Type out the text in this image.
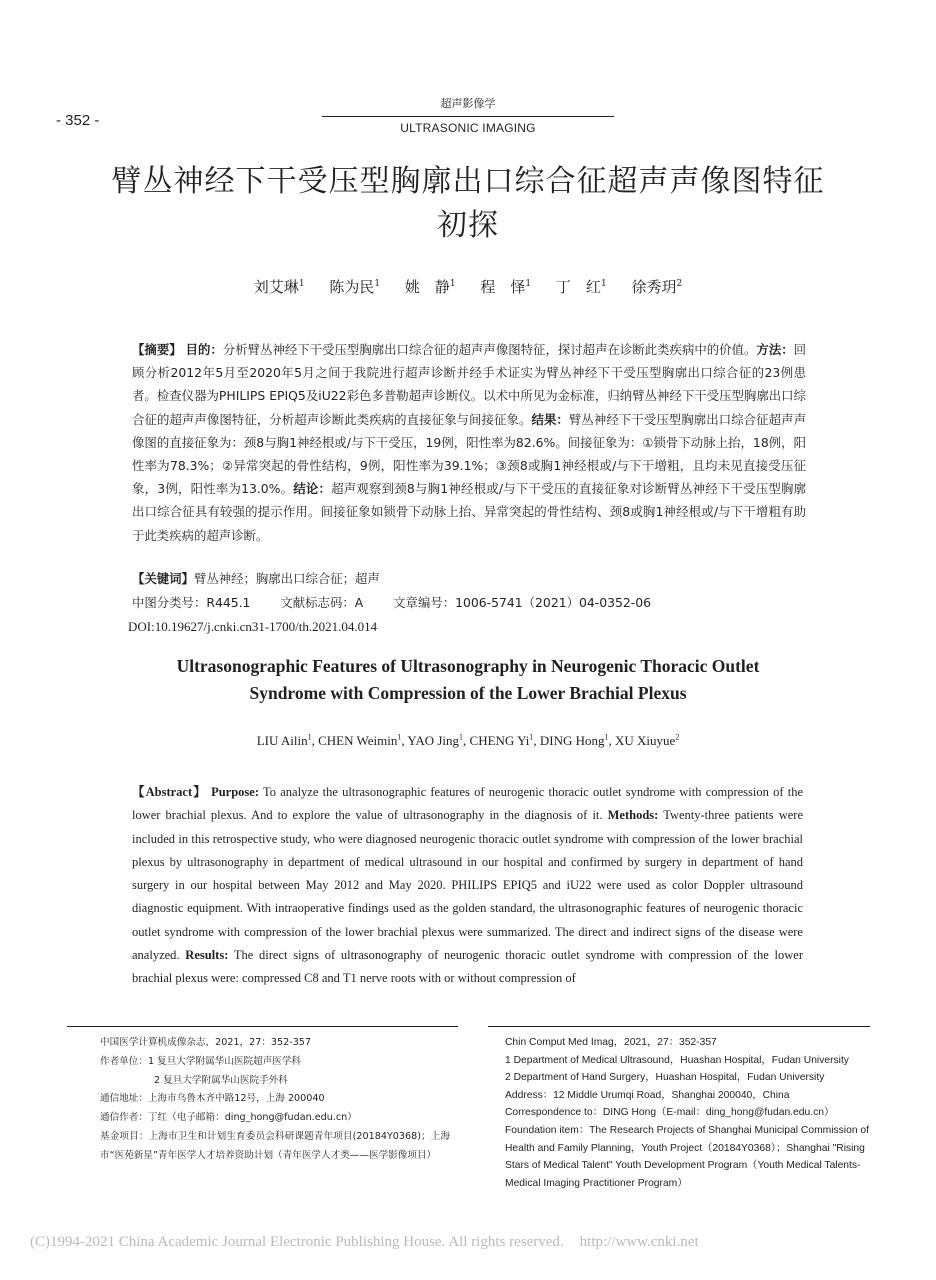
- 352 -
超声影像学
ULTRASONIC IMAGING
臂丛神经下干受压型胸廓出口综合征超声声像图特征初探
刘艾琳$^1$ 陈为民$^1$ 姚　静$^1$ 程　怿$^1$ 丁　红$^1$ 徐秀玥$^2$

【摘要】 目的：分析臂丛神经下干受压型胸廓出口综合征的超声声像图特征，探讨超声在诊断此类疾病中的价值。方法：回顾分析2012年5月至2020年5月之间于我院进行超声诊断并经手术证实为臂丛神经下干受压型胸廓出口综合征的23例患者。检查仪器为PHILIPS EPIQ5及iU22彩色多普勒超声诊断仪。以术中所见为金标准，归纳臂丛神经下干受压型胸廓出口综合征的超声声像图特征，分析超声诊断此类疾病的直接征象与间接征象。结果：臂丛神经下干受压型胸廓出口综合征超声声像图的直接征象为：颈8与胸1神经根或/与下干受压，19例，阳性率为82.6%。间接征象为：①锁骨下动脉上抬，18例，阳性率为78.3%；②异常突起的骨性结构，9例，阳性率为39.1%；③颈8或胸1神经根或/与下干增粗，且均未见直接受压征象，3例，阳性率为13.0%。结论：超声观察到颈8与胸1神经根或/与下干受压的直接征象对诊断臂丛神经下干受压型胸廓出口综合征具有较强的提示作用。间接征象如锁骨下动脉上抬、异常突起的骨性结构、颈8或胸1神经根或/与下干增粗有助于此类疾病的超声诊断。

【关键词】臂丛神经；胸廓出口综合征；超声
中图分类号：R445.1 文献标志码：A 文章编号：1006-5741（2021）04-0352-06
DOI:10.19627/j.cnki.cn31-1700/th.2021.04.014
Ultrasonographic Features of Ultrasonography in Neurogenic Thoracic Outlet
Syndrome with Compression of the Lower Brachial Plexus
LIU Ailin$^1$, CHEN Weimin$^1$, YAO Jing$^1$, CHENG Yi$^1$, DING Hong$^1$, XU Xiuyue$^2$

【Abstract】 Purpose: To analyze the ultrasonographic features of neurogenic thoracic outlet syndrome with compression of the lower brachial plexus. And to explore the value of ultrasonography in the diagnosis of it. Methods: Twenty-three patients were included in this retrospective study, who were diagnosed neurogenic thoracic outlet syndrome with compression of the lower brachial plexus by ultrasonography in department of medical ultrasound in our hospital and confirmed by surgery in department of hand surgery in our hospital between May 2012 and May 2020. PHILIPS EPIQ5 and iU22 were used as color Doppler ultrasound diagnostic equipment. With intraoperative findings used as the golden standard, the ultrasonographic features of neurogenic thoracic outlet syndrome with compression of the lower brachial plexus were summarized. The direct and indirect signs of the disease were analyzed. Results: The direct signs of ultrasonography of neurogenic thoracic outlet syndrome with compression of the lower brachial plexus were: compressed C8 and T1 nerve roots with or without compression of

中国医学计算机成像杂志，2021，27：352-357
作者单位：1 复旦大学附属华山医院超声医学科
2 复旦大学附属华山医院手外科
通信地址：上海市乌鲁木齐中路12号，上海 200040
通信作者：丁红（电子邮箱：ding_hong@fudan.edu.cn）
基金项目：上海市卫生和计划生育委员会科研课题青年项目(20184Y0368)；上海市“医苑新星”青年医学人才培养资助计划（青年医学人才类——医学影像项目）
Chin Comput Med Imag，2021，27：352-357
1 Department of Medical Ultrasound，Huashan Hospital，Fudan University
2 Department of Hand Surgery，Huashan Hospital，Fudan University
Address：12 Middle Urumqi Road，Shanghai 200040，China
Correspondence to：DING Hong（E-mail：ding_hong@fudan.edu.cn）
Foundation item：The Research Projects of Shanghai Municipal Commission of Health and Family Planning，Youth Project（20184Y0368）；Shanghai "Rising Stars of Medical Talent" Youth Development Program（Youth Medical Talents‐Medical Imaging Practitioner Program）
(C)1994-2021 China Academic Journal Electronic Publishing House. All rights reserved. http://www.cnki.net
